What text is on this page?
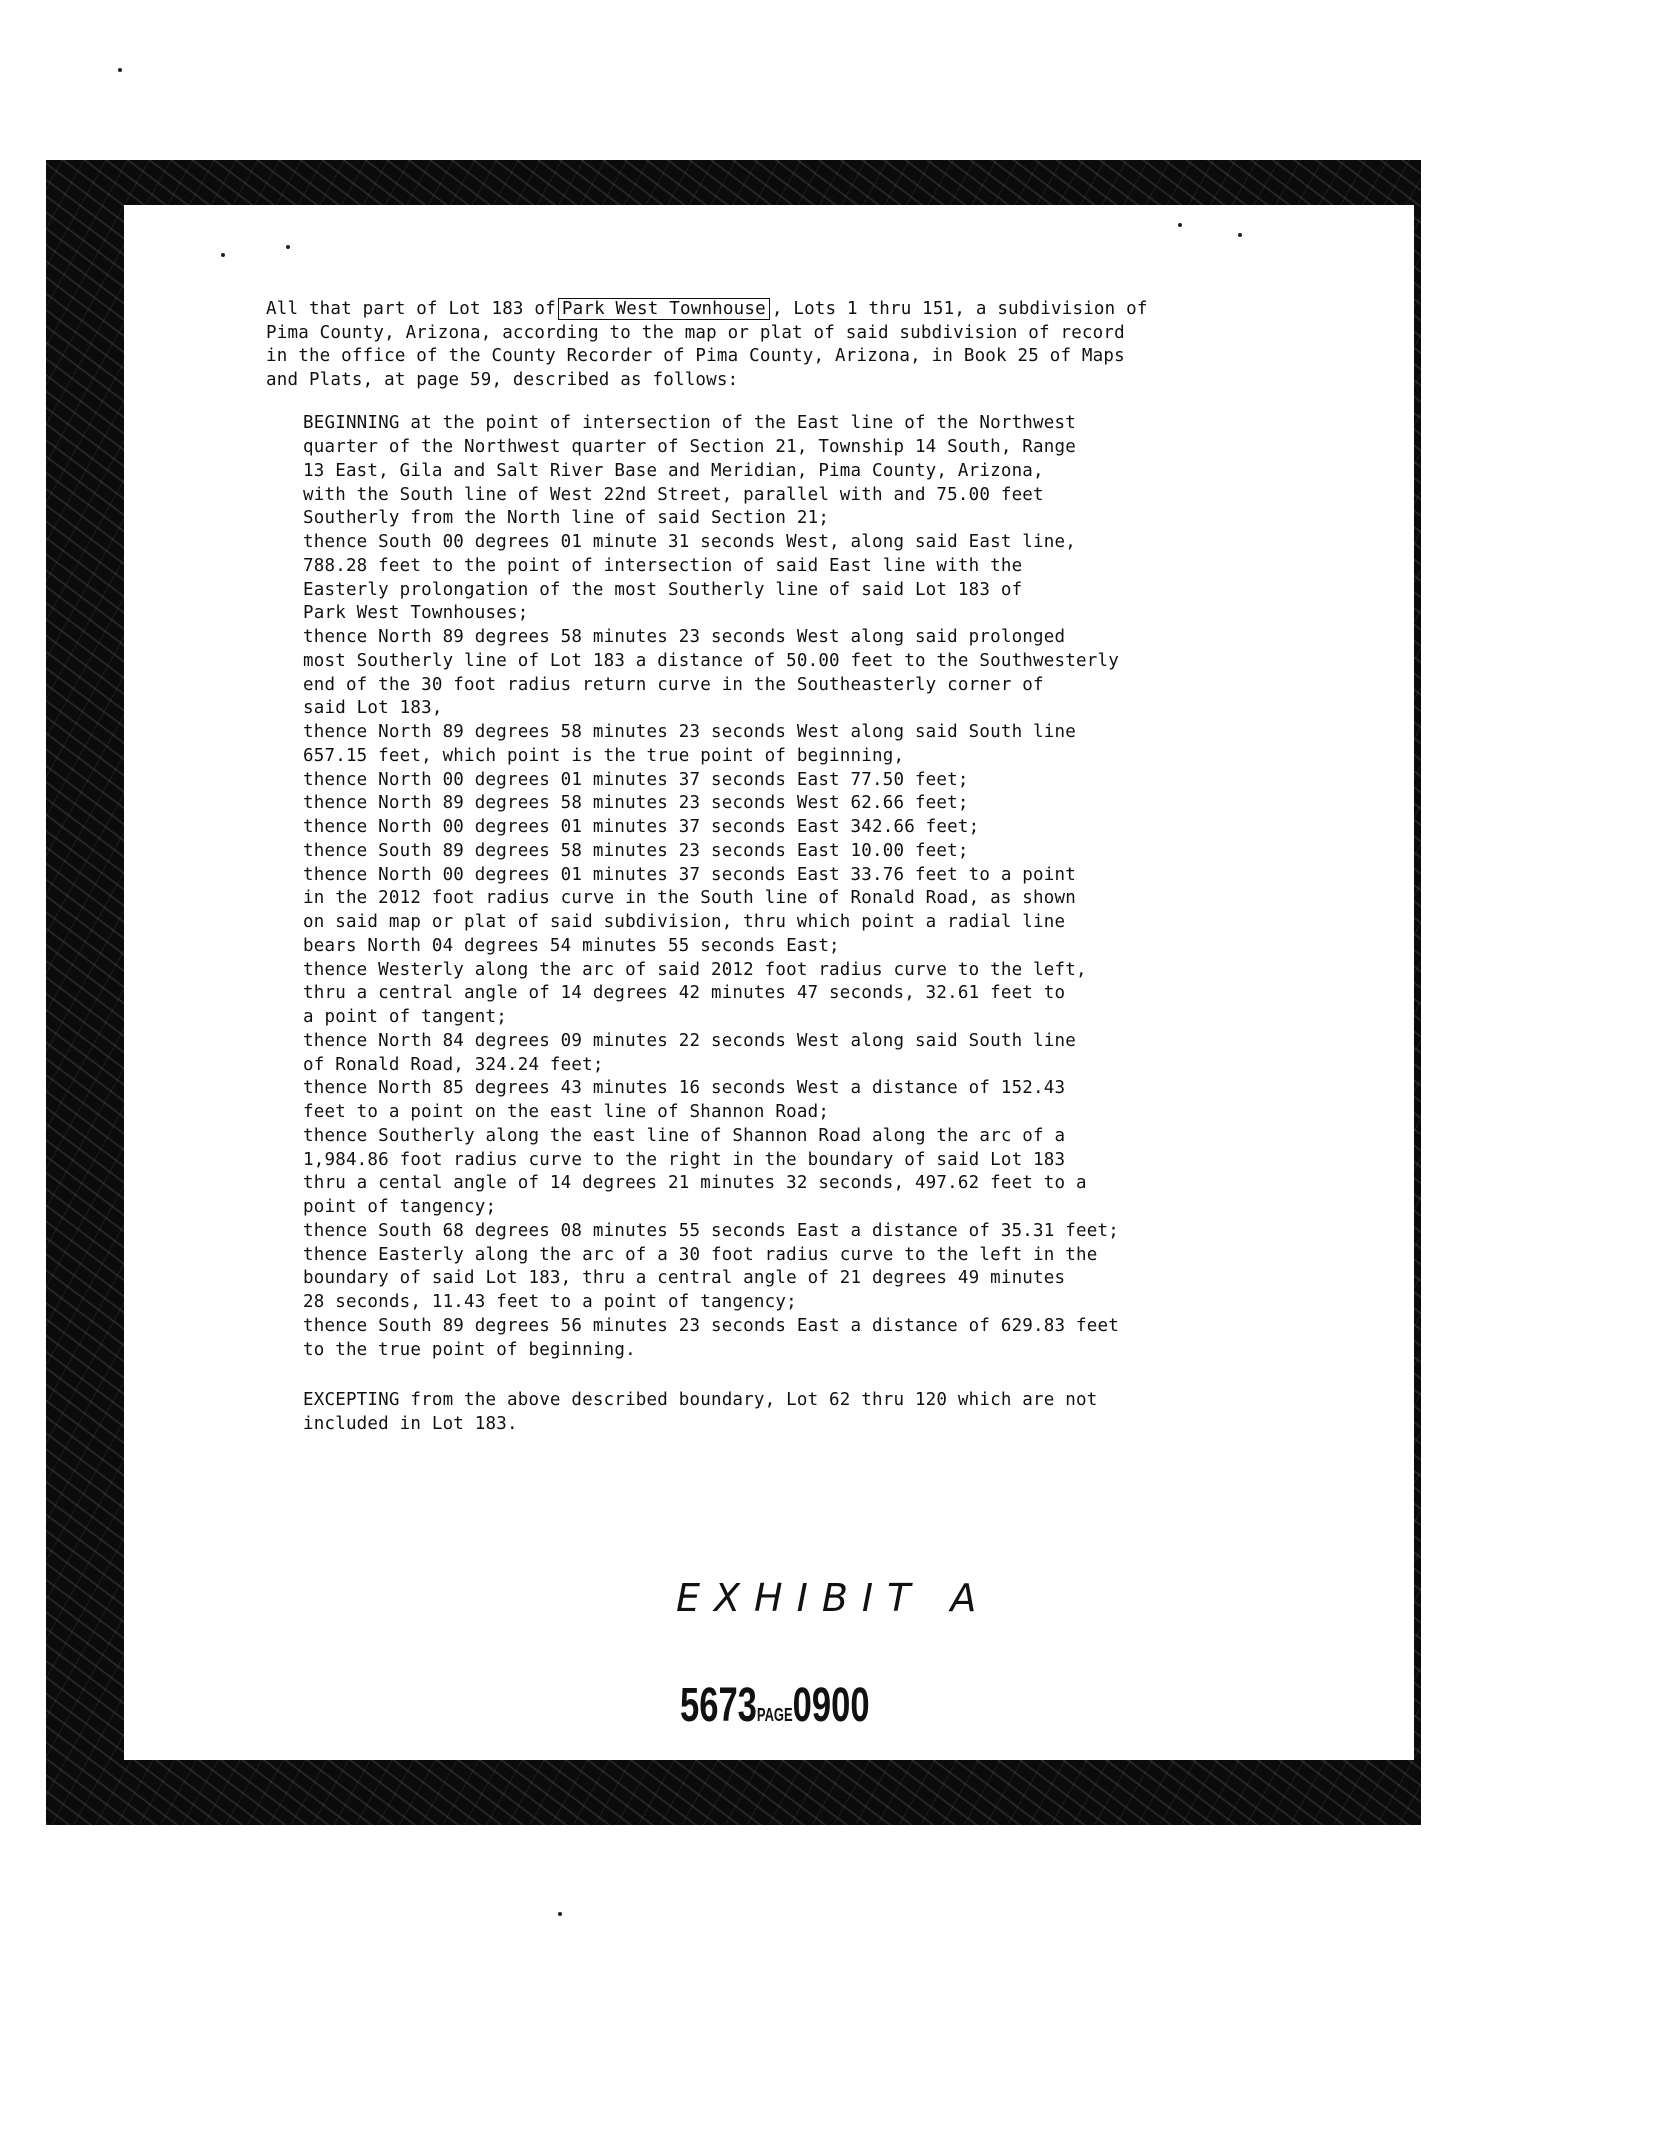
All that part of Lot 183 of Park West Townhouse , Lots 1 thru 151, a subdivision of
Pima County, Arizona, according to the map or plat of said subdivision of record
in the office of the County Recorder of Pima County, Arizona, in Book 25 of Maps
and Plats, at page 59, described as follows:
BEGINNING at the point of intersection of the East line of the Northwest
quarter of the Northwest quarter of Section 21, Township 14 South, Range
13 East, Gila and Salt River Base and Meridian, Pima County, Arizona,
with the South line of West 22nd Street, parallel with and 75.00 feet
Southerly from the North line of said Section 21;
thence South 00 degrees 01 minute 31 seconds West, along said East line,
788.28 feet to the point of intersection of said East line with the
Easterly prolongation of the most Southerly line of said Lot 183 of
Park West Townhouses;
thence North 89 degrees 58 minutes 23 seconds West along said prolonged
most Southerly line of Lot 183 a distance of 50.00 feet to the Southwesterly
end of the 30 foot radius return curve in the Southeasterly corner of
said Lot 183,
thence North 89 degrees 58 minutes 23 seconds West along said South line
657.15 feet, which point is the true point of beginning,
thence North 00 degrees 01 minutes 37 seconds East 77.50 feet;
thence North 89 degrees 58 minutes 23 seconds West 62.66 feet;
thence North 00 degrees 01 minutes 37 seconds East 342.66 feet;
thence South 89 degrees 58 minutes 23 seconds East 10.00 feet;
thence North 00 degrees 01 minutes 37 seconds East 33.76 feet to a point
in the 2012 foot radius curve in the South line of Ronald Road, as shown
on said map or plat of said subdivision, thru which point a radial line
bears North 04 degrees 54 minutes 55 seconds East;
thence Westerly along the arc of said 2012 foot radius curve to the left,
thru a central angle of 14 degrees 42 minutes 47 seconds, 32.61 feet to
a point of tangent;
thence North 84 degrees 09 minutes 22 seconds West along said South line
of Ronald Road, 324.24 feet;
thence North 85 degrees 43 minutes 16 seconds West a distance of 152.43
feet to a point on the east line of Shannon Road;
thence Southerly along the east line of Shannon Road along the arc of a
1,984.86 foot radius curve to the right in the boundary of said Lot 183
thru a cental angle of 14 degrees 21 minutes 32 seconds, 497.62 feet to a
point of tangency;
thence South 68 degrees 08 minutes 55 seconds East a distance of 35.31 feet;
thence Easterly along the arc of a 30 foot radius curve to the left in the
boundary of said Lot 183, thru a central angle of 21 degrees 49 minutes
28 seconds, 11.43 feet to a point of tangency;
thence South 89 degrees 56 minutes 23 seconds East a distance of 629.83 feet
to the true point of beginning.
EXCEPTING from the above described boundary, Lot 62 thru 120 which are not
included in Lot 183.
EXHIBIT A
5673PAGE0900
